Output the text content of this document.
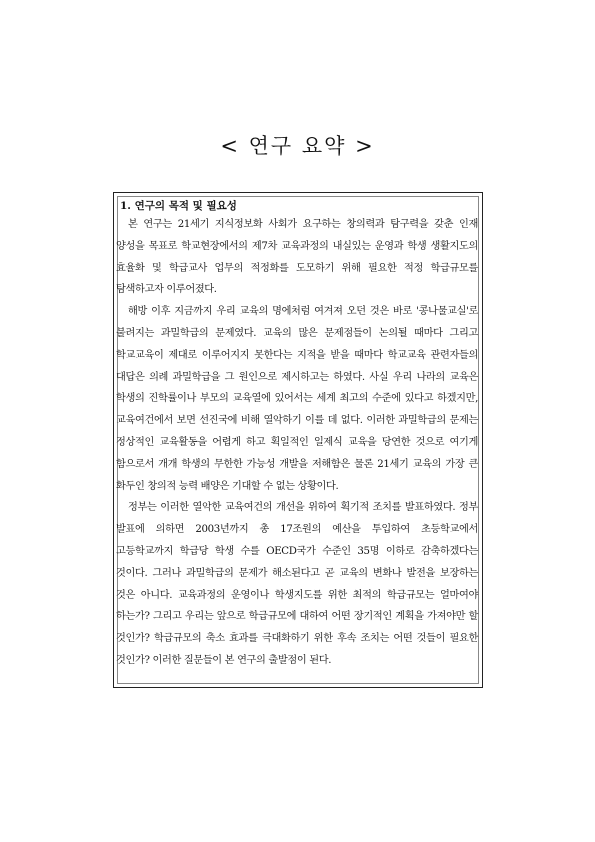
< 연구 요약 >

1. 연구의 목적 및 필요성

본 연구는 21세기 지식정보화 사회가 요구하는 창의력과 탐구력을 갖춘 인재 양성을 목표로 학교현장에서의 제7차 교육과정의 내실있는 운영과 학생 생활지도의 효율화 및 학급교사 업무의 적정화를 도모하기 위해 필요한 적정 학급규모를 탐색하고자 이루어졌다.

해방 이후 지금까지 우리 교육의 명에처럼 여겨져 오던 것은 바로 '콩나물교실'로 불려지는 과밀학급의 문제였다. 교육의 많은 문제점들이 논의될 때마다 그리고 학교교육이 제대로 이루어지지 못한다는 지적을 받을 때마다 학교교육 관련자들의 대답은 의례 과밀학급을 그 원인으로 제시하고는 하였다. 사실 우리 나라의 교육은 학생의 진학률이나 부모의 교육열에 있어서는 세계 최고의 수준에 있다고 하겠지만, 교육여건에서 보면 선진국에 비해 열악하기 이를 데 없다. 이러한 과밀학급의 문제는 정상적인 교육활동을 어렵게 하고 획일적인 일제식 교육을 당연한 것으로 여기게 함으로서 개개 학생의 무한한 가능성 개발을 저해함은 물론 21세기 교육의 가장 큰 화두인 창의적 능력 배양은 기대할 수 없는 상황이다.

정부는 이러한 열악한 교육여건의 개선을 위하여 획기적 조치를 발표하였다. 정부 발표에 의하면 2003년까지 총 17조원의 예산을 투입하여 초등학교에서 고등학교까지 학급당 학생 수를 OECD국가 수준인 35명 이하로 감축하겠다는 것이다. 그러나 과밀학급의 문제가 해소된다고 곧 교육의 변화나 발전을 보장하는 것은 아니다. 교육과정의 운영이나 학생지도를 위한 최적의 학급규모는 얼마여야 하는가? 그리고 우리는 앞으로 학급규모에 대하여 어떤 장기적인 계획을 가져야만 할 것인가? 학급규모의 축소 효과를 극대화하기 위한 후속 조치는 어떤 것들이 필요한 것인가? 이러한 질문들이 본 연구의 출발점이 된다.
